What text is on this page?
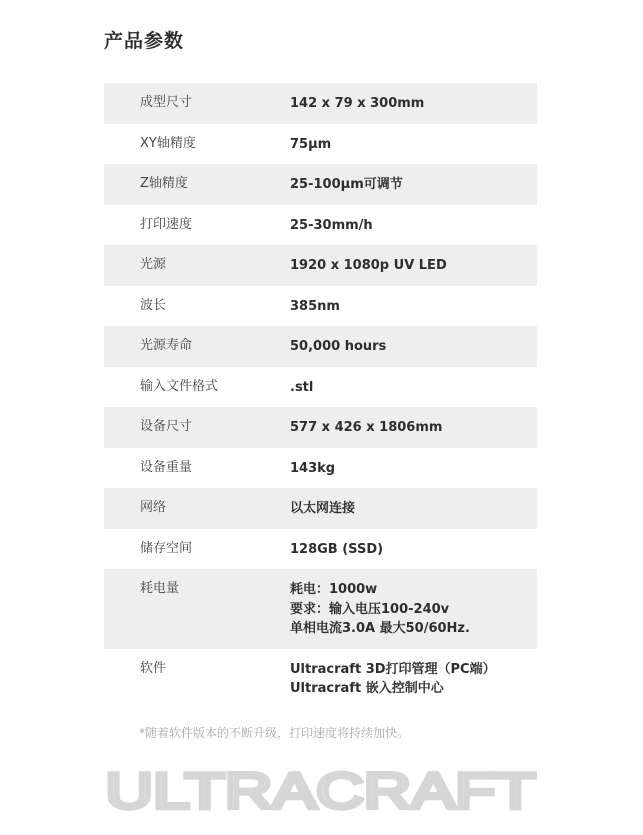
产品参数
成型尺寸	142 x 79 x 300mm
XY轴精度	75μm
Z轴精度	25-100μm可调节
打印速度	25-30mm/h
光源	1920 x 1080p UV LED
波长	385nm
光源寿命	50,000 hours
输入文件格式	.stl
设备尺寸	577 x 426 x 1806mm
设备重量	143kg
网络	以太网连接
储存空间	128GB (SSD)
耗电量	耗电：1000w
要求：输入电压100-240v
单相电流3.0A 最大50/60Hz.
软件	Ultracraft 3D打印管理（PC端）
Ultracraft 嵌入控制中心
*随着软件版本的不断升级，打印速度将持续加快。
ULTRACRAFT
